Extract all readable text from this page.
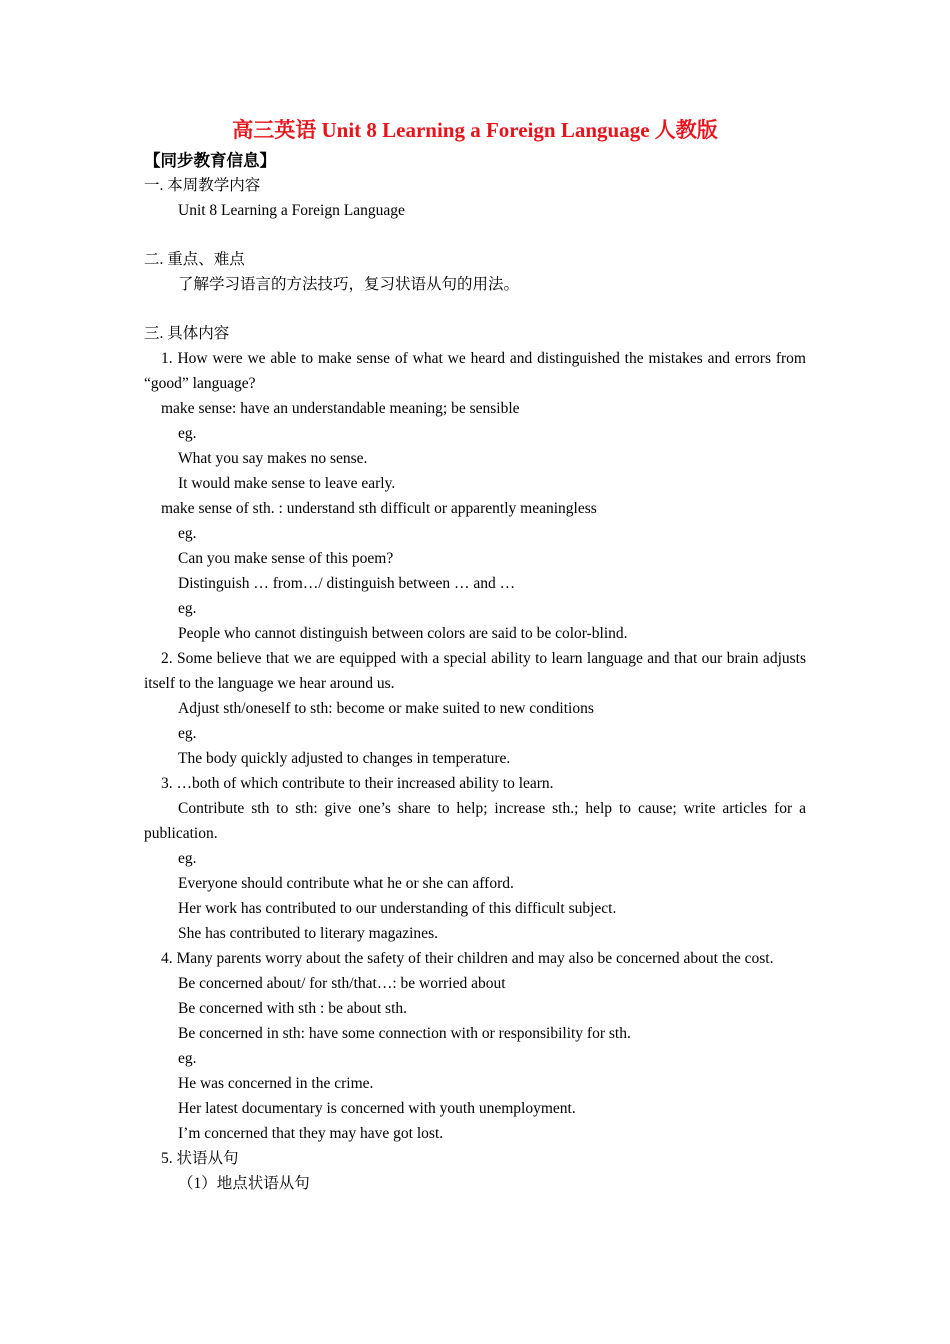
高三英语 Unit 8 Learning a Foreign Language 人教版
【同步教育信息】
一. 本周教学内容
Unit 8 Learning a Foreign Language
二. 重点、难点
了解学习语言的方法技巧，复习状语从句的用法。
三. 具体内容
1. How were we able to make sense of what we heard and distinguished the mistakes and errors from “good” language?
make sense: have an understandable meaning; be sensible
eg.
What you say makes no sense.
It would make sense to leave early.
make sense of sth. : understand sth difficult or apparently meaningless
eg.
Can you make sense of this poem?
Distinguish … from…/ distinguish between … and …
eg.
People who cannot distinguish between colors are said to be color-blind.
2. Some believe that we are equipped with a special ability to learn language and that our brain adjusts itself to the language we hear around us.
Adjust sth/oneself to sth: become or make suited to new conditions
eg.
The body quickly adjusted to changes in temperature.
3. …both of which contribute to their increased ability to learn.
Contribute sth to sth: give one’s share to help; increase sth.; help to cause; write articles for a publication.
eg.
Everyone should contribute what he or she can afford.
Her work has contributed to our understanding of this difficult subject.
She has contributed to literary magazines.
4. Many parents worry about the safety of their children and may also be concerned about the cost.
Be concerned about/ for sth/that…: be worried about
Be concerned with sth : be about sth.
Be concerned in sth: have some connection with or responsibility for sth.
eg.
He was concerned in the crime.
Her latest documentary is concerned with youth unemployment.
I’m concerned that they may have got lost.
5. 状语从句
（1）地点状语从句
